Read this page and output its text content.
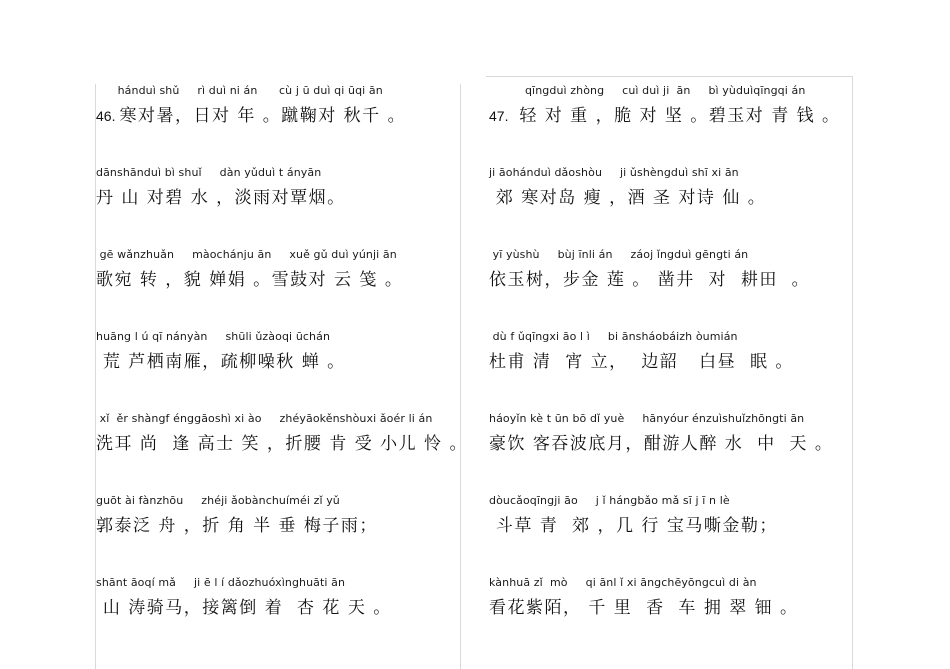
hánduì shǔ     rì duì ni án      cù j ū duì qi ūqi ān
46. 寒对暑，日对 年 。蹴鞠对 秋千 。
dānshānduì bì shuǐ     dàn yǔduì t ányān
丹 山 对碧 水 ，淡雨对覃烟。
gē wǎnzhuǎn     màochánju ān     xuě gǔ duì yúnji ān
歌宛 转 ，貌 婵娟 。雪鼓对 云 笺 。
huāng l ú qī nányàn     shūli ǔzàoqi ūchán
荒 芦栖南雁，疏柳噪秋 蝉 。
xǐ  ěr shàngf énggāoshì xi ào     zhéyāokěnshòuxi ǎoér li án
洗耳 尚  逢 高士 笑 ，折腰 肯 受 小儿 怜 。
guōt ài fànzhōu     zhéji ǎobànchuíméi zǐ yǔ
郭泰泛 舟 ，折 角 半 垂 梅子雨；
shānt āoqí mǎ     ji ē l í dǎozhuóxìnghuāti ān
山 涛骑马，接篱倒 着  杏 花 天 。
qīngduì zhòng     cuì duì ji  ān     bì yùduìqīngqi án
47. 轻 对 重 ，脆 对 坚 。碧玉对 青 钱 。
ji āohánduì dǎoshòu     ji ǔshèngduì shī xi ān
郊 寒对岛 瘦 ，酒 圣 对诗 仙 。
yī yùshù     bùj īnli án     záoj ǐngduì gēngti án
依玉树，步金 莲 。 凿井  对  耕田  。
dù f ǔqīngxi āo l ì     bi ānsháobáizh òumián
杜甫 清  宵 立，  边韶   白昼  眠 。
háoyǐn kè t ūn bō dǐ yuè     hānyóur énzuìshuǐzhōngti ān
豪饮 客吞波底月，酣游人醉 水  中  天 。
dòucǎoqīngji āo     j ǐ hángbǎo mǎ sī j ī n lè
斗草 青  郊 ，几 行 宝马嘶金勒；
kànhuā zǐ  mò     qi ānl ǐ xi āngchēyōngcuì di àn
看花紫陌， 千 里  香  车 拥 翠 钿 。
